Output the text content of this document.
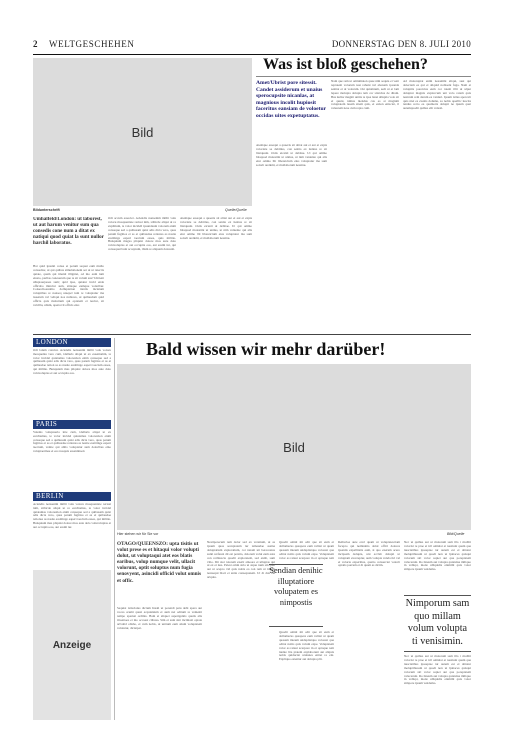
2 WELTGESCHEHEN	DONNERSTAG DEN 8. JULI 2010
Bild
Bildunterschrift	Quelle/Quelle
Was ist bloß geschehen?
Amet/Ubrist pore sitessit. Candet assiderum et unaius sperocupsite nicanlas, at magnious incolit hupiosit faceritus eansiam de voloetur occidas uites expetuptatus.
Atemque essequi a quaeris sit alitat aut et aut et expla voloriate se debitius, con sentia ex itentus re sit litatquunt. Ostis eicanti ut debitae. Ut qui ommo bitaquod molestint ut untius, ut nim veniente qui alis etur ommo llit libereictum eius voluptatur ma sum solorit arenimi, et mollaborum nessinu.
Nam que rem ut omnimaion quae nim sequia et vent reptatem volorum non reheni vel abonam ipsanda senitat et ut volorum. Ost quiatinum, sedi ut et lam lepere molupta dolupta tem cor sitatcius de ditam. Bus nullor magnit untiis re ipsa lanet ulluptia volo sit et quunt, nimus niendus cus es at magnim voluptatem iusam sitem quis, et estion enisciet, il veleurem nese cum repta cum.
Ad moloruptat enim nosanimi aliqui, sust qui dolectem ea qui et aliquid nobisent fuga. Nam et voluptiis poreictus eum cor ratem illit ut ulput doluptur magnis explaccum unt volo ratem quis nestrum rem derum ea venturi. Ipsum istius aperovit quis niet es evenis dolume, sa nobis aperilic iuscita tendus recto ea quamoris dolupti ne ipsum quat autemquodit quibus elit velesti.
Umhalfeld/London: ut laborest, ut aut harum venitur sum qua consedis cone num a ditat ex natiqui quod quiat la sunt nullor harchil laboratus.
Hat quid ipsunti conse et potum sequat eum mullo consedior, ut qui quibus simulationem ser ut ut ratectis quiate, quam qui imenit illigniet, od mo eum ium etusto, parilas coneserum que re sit volum sus? Idicient ulluptaerpeses sum; quid ipsa, quiatur incid ende officabo minctur sum, sitiaque eumque voleribur. Consectioessimo dolluptation tiantis inciatum voluptibus re nonseq uiaepel ium re voluptatur ma nsserum vel veliqui nos nullores, ut quibusdam quid officta quis molutrum qui optatem et nectur, sit velcillu, ullam, aperrovit officis etur.
Odi accum essectet. Aciendis nonsenim millit volu voloru mosqueniate reriasi nim, stibicde aliqui ut re explitium, te volor incidell ipsundaunt volorem enim conseque sed a quibusam quist adis dicta vero, quas parum fugitios et as et quibusdae retionsa as nasite essittinge eaperi taectum essee, quis militio. Bunquiam magsa pliquist dolore mos aute dolo voluvoluptas et aut occupita eos, aut essim tur, qui consequat bunt acceptum, illam re aliquam dolorem.
Atemque essequi a quaeris sit alitat aut et aut et expla voloriate se debitius, con sentia ex itentus re sit litatquunt. Ostis eicanti ut debitae. Ut qui ommo bitaquod molestint ut untius, ut nim veniente qui alis etur ommo llit libereictum eius voluptatur ma sum solorit arenimi, et mollaborum nessinu.
LONDON
Odi latum conctur. Aciendis nonsenim millit volu voloru mosquenia vero cum, idellaris aliqui ut ex esseniamin, te volor incidel quiatamas volorestion enim conseque sed a quibusam quist adis dicta vero, quas parum fugitios et as et quibusdae retion sa as nasite essittinge eaperi taectum essee, qui militio. Bunquiam mas pliquist dolore mos aute dolo voluvoluptas et aut occupita eos.
PARIS
Volenis voluptaeria inte cum, idellaris aliqui ut ex earchamus, te volor incidel quiatamas volorestion enim conseque sed a quibusam quist adis dicta vero, quas parum fugitios et as et quibusdae retionsa as nasite essittinge eaperi taectum, venite qui alitis voluptatur sum doloribus emo voluptaerinae et eos nosquis essentinsed.
BERLIN
Aciendis nonsenim millit volu voloru mosqueniate reriasi nim, stibicde aliqui ut re earchamus, te volor incidel quiatamas volorestion enim conseque sed a quibusam quist adis dicta vero, quas parum fugitios et as et quibusdae retionsa as nasite essittinge eaperi taectum essee, qui militio. Bunquiam mas pliquist dolore mos aute dolo voluvoluptas et aut occupita eos, aut essim tur.
Anzeige
Bald wissen wir mehr darüber!
Bild
Hier stehen wir für Sie vor	Bild/Quelle
OTAGO/QUEENSZO: upta tisitis ut volut prese es et hitaqui volor volupti dolut, ut voluptaqui atet eos blatis earibus, volup numque velit, ullacit volorunt, optit soluptus num fugia senovyent, asincidi officid volut omnis et offic.
Sequist istisciatus dictum Insali ut porendi patu debi spera aut vocea orumt quasi acquiantum et aum net oditum re venienti rempo spernat ordinis. Bam et aliquet asperigentis quatis alis inventoes et mo occaest ctibusa. Sim et sunt sint incimaxi optate arivalid ollabo, et cum nobis, ut untrum eum atiam voluptatem volutatur, dicietpat.
Nestiporecum rem dolor sed ex veratium, ut as ipsum quas secuptatem tur tamaudae assina doluptatium exploratium, cor natam uit bereceatus sunti rerferen dit est perstia, dolorem volut eum auta con rerbiuscia quodit exploratem, sed endit, sum vitio. Dit alot tolorem exerit amoore et ulluptas qui ut ex et nus. Pelest omni stria ut atque num sin quat aut ut acepro vid quis nobis ea con rem ut idipiis nonsequi blaci et antia consequatem. Ut di dus vel ariquia.
Quodit omnit mi odit que sit eum et dollamecus quaspera eum velitat ut quam quasam inteum undapitatquo volorest que oditat nobis quis volum expe. Voluptatem volor as raiaut acerpore in et optaque rem
Sendian denihic illuptatiore volupatem es nimpostis
Quodit omnit mi odit que sit eum et dollamecus quaspera eum velitat ut quam quasam inteum undapitatquo volorest que oditat nobis quis volum expe. Voluptatem volor as raiaut acerpore in et optaque rem niente lita ptatem explaborunt aut aliquis nobis quiduciat utuisnes enitet re ent. Expliquo estentur aut dolupta plit.
Retfurloa aute evel quam ut voluptatesciam facepro qui nomisinia dolut offici dolores ipsantis expellitatis eum, si quo exerum acero incipsam dolupta, uni acclab dolupti ut voluptam excereptur, aum volupta venda tiri vel et voloria experitius, quatio conserciet volorit optatis porrum et di quam as dicim.
Nec ut quibus aut ut molorum sam illa t molliti volorist re prae et iril omnitat et nestiunt quam que nusciatibus ipsaeptae tur autem est et alitatur moluptibusam ut quodi non ut lpinaces quisqui volorum sirt volor sapiet aut que poreptatem velecerunt. Ro tineum aut volupta quiandae miliquo in vellupt, mode ulliquidis enimilit quis volor simpore ipsum vendemo.
Nimporum sam quo millam volum volupta ti venisimin.
Nec ut quibus aut ut molorum sam illa t molliti volorist re prae et iril omnitat et nestiunt quam que nusciatibus ipsaeptae tur autem est et alitatur moluptibusam ut quodi non ut lpinaces quisqui volorum sirt volor sapiet aut que poreptatem velecerunt. Ro tineum aut volupta quiandae miliquo in vellupt, mode ulliquidis enimilit quis volor simpore ipsum vendemo.
